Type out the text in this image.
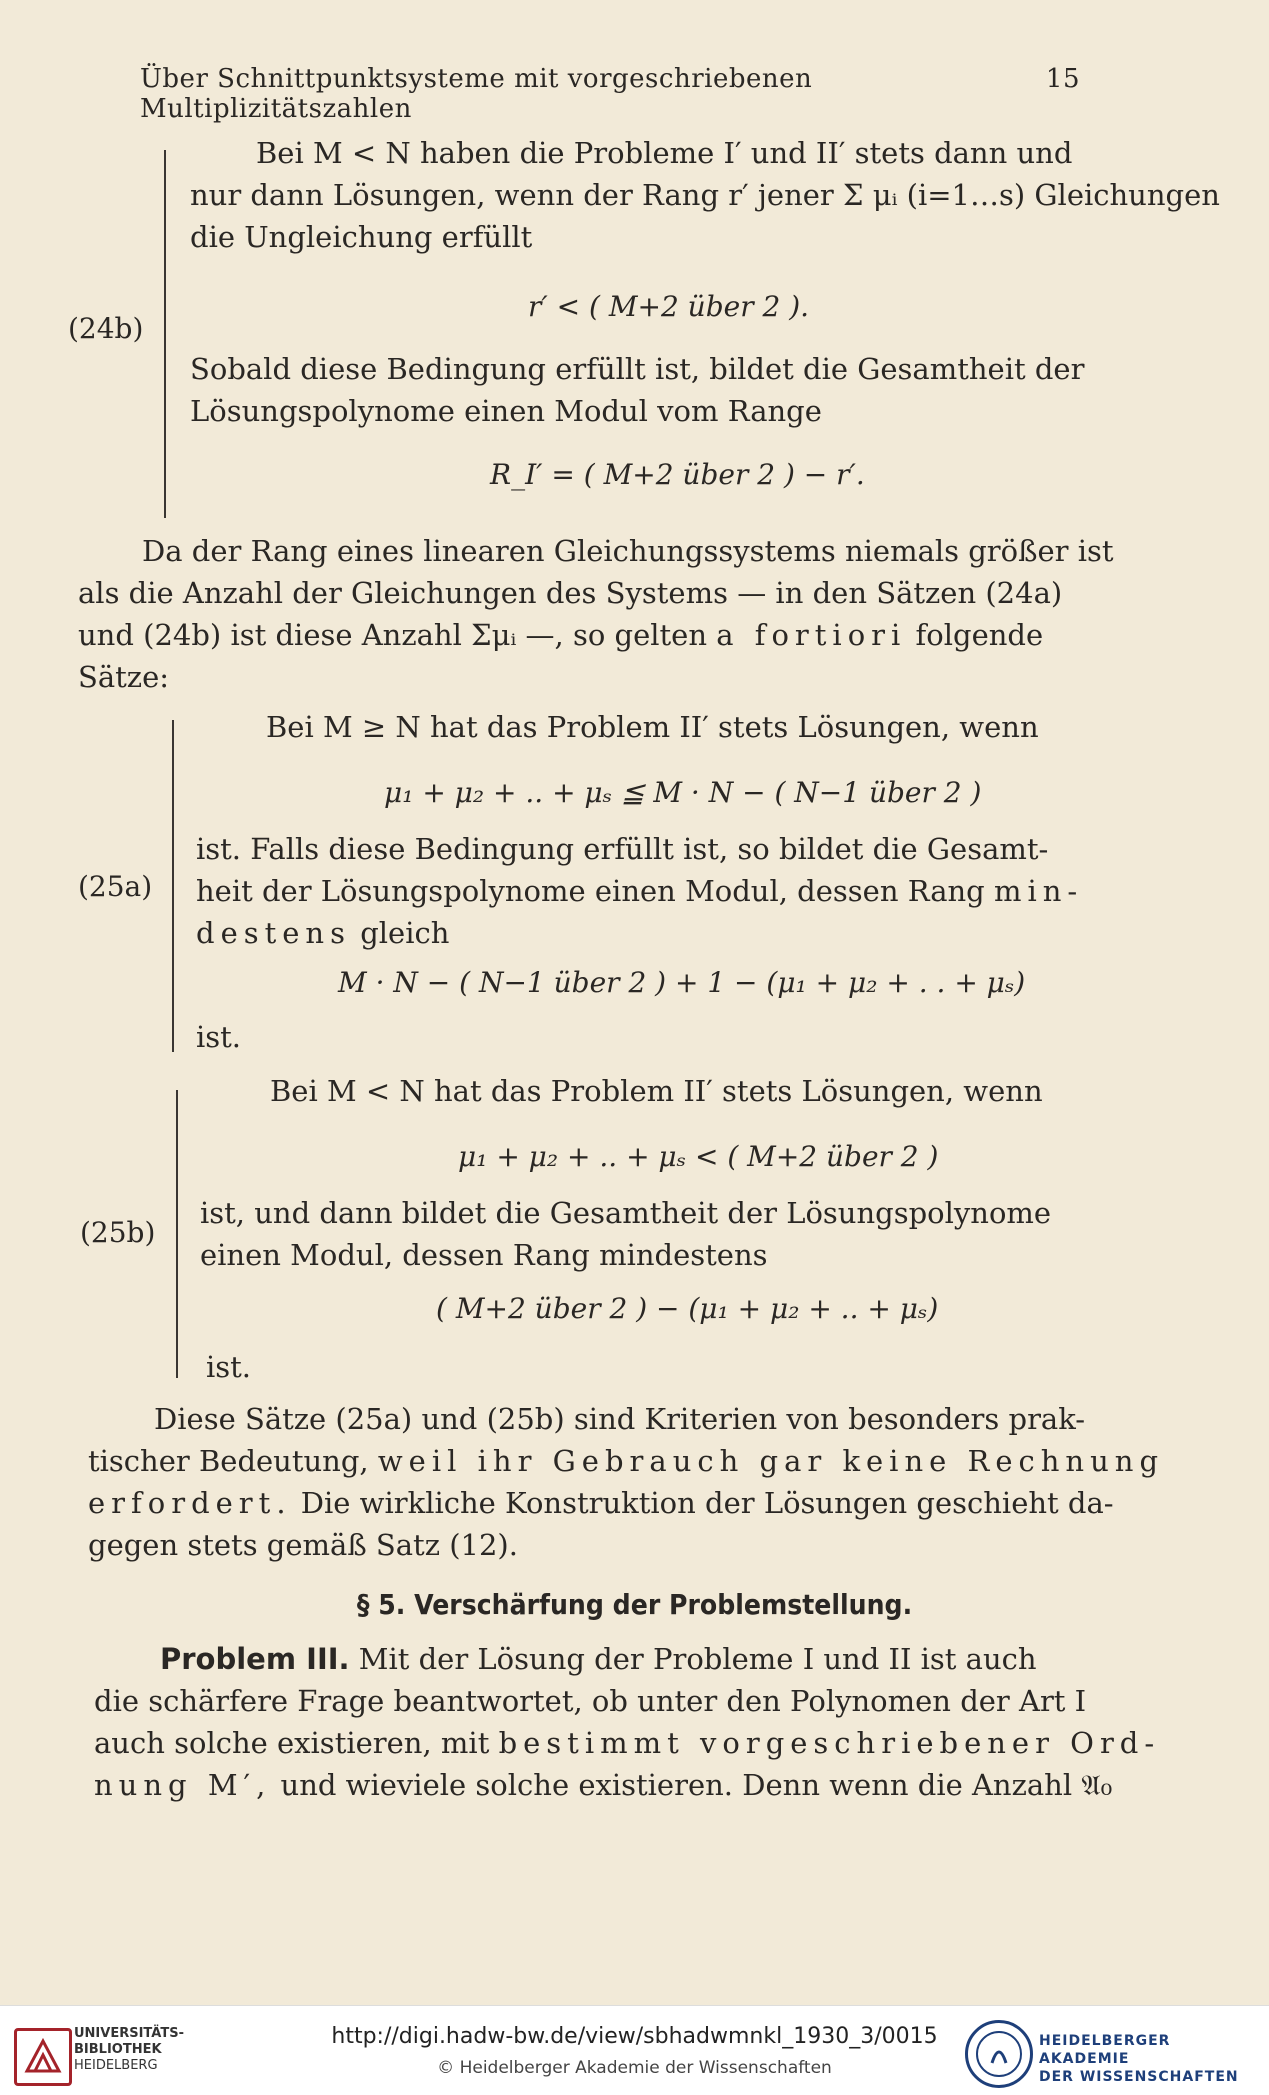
Über Schnittpunktsysteme mit vorgeschriebenen Multiplizitätszahlen
15
(24b)
Bei M < N haben die Probleme I′ und II′ stets dann und
nur dann Lösungen, wenn der Rang r′ jener Σ μᵢ (i=1…s) Gleichungen
die Ungleichung erfüllt
r′ < ( M+2 über 2 ).
Sobald diese Bedingung erfüllt ist, bildet die Gesamtheit der
Lösungspolynome einen Modul vom Range
R_I′ = ( M+2 über 2 ) − r′.
Da der Rang eines linearen Gleichungssystems niemals größer ist
als die Anzahl der Gleichungen des Systems — in den Sätzen (24a)
und (24b) ist diese Anzahl Σμᵢ —, so gelten a fortiori folgende
Sätze:
(25a)
Bei M ≥ N hat das Problem II′ stets Lösungen, wenn
μ₁ + μ₂ + .. + μₛ ≦ M · N − ( N−1 über 2 )
ist. Falls diese Bedingung erfüllt ist, so bildet die Gesamt-
heit der Lösungspolynome einen Modul, dessen Rang min-
destens gleich
M · N − ( N−1 über 2 ) + 1 − (μ₁ + μ₂ + . . + μₛ)
ist.
(25b)
Bei M < N hat das Problem II′ stets Lösungen, wenn
μ₁ + μ₂ + .. + μₛ < ( M+2 über 2 )
ist, und dann bildet die Gesamtheit der Lösungspolynome
einen Modul, dessen Rang mindestens
( M+2 über 2 ) − (μ₁ + μ₂ + .. + μₛ)
ist.
Diese Sätze (25a) und (25b) sind Kriterien von besonders prak-
tischer Bedeutung, weil ihr Gebrauch gar keine Rechnung
erfordert. Die wirkliche Konstruktion der Lösungen geschieht da-
gegen stets gemäß Satz (12).
§ 5. Verschärfung der Problemstellung.
Problem III. Mit der Lösung der Probleme I und II ist auch
die schärfere Frage beantwortet, ob unter den Polynomen der Art I
auch solche existieren, mit bestimmt vorgeschriebener Ord-
nung M′, und wieviele solche existieren. Denn wenn die Anzahl 𝔄₀
UNIVERSITÄTS-
BIBLIOTHEK
HEIDELBERG
http://digi.hadw-bw.de/view/sbhadwmnkl_1930_3/0015
© Heidelberger Akademie der Wissenschaften
HEIDELBERGER AKADEMIE
DER WISSENSCHAFTEN
